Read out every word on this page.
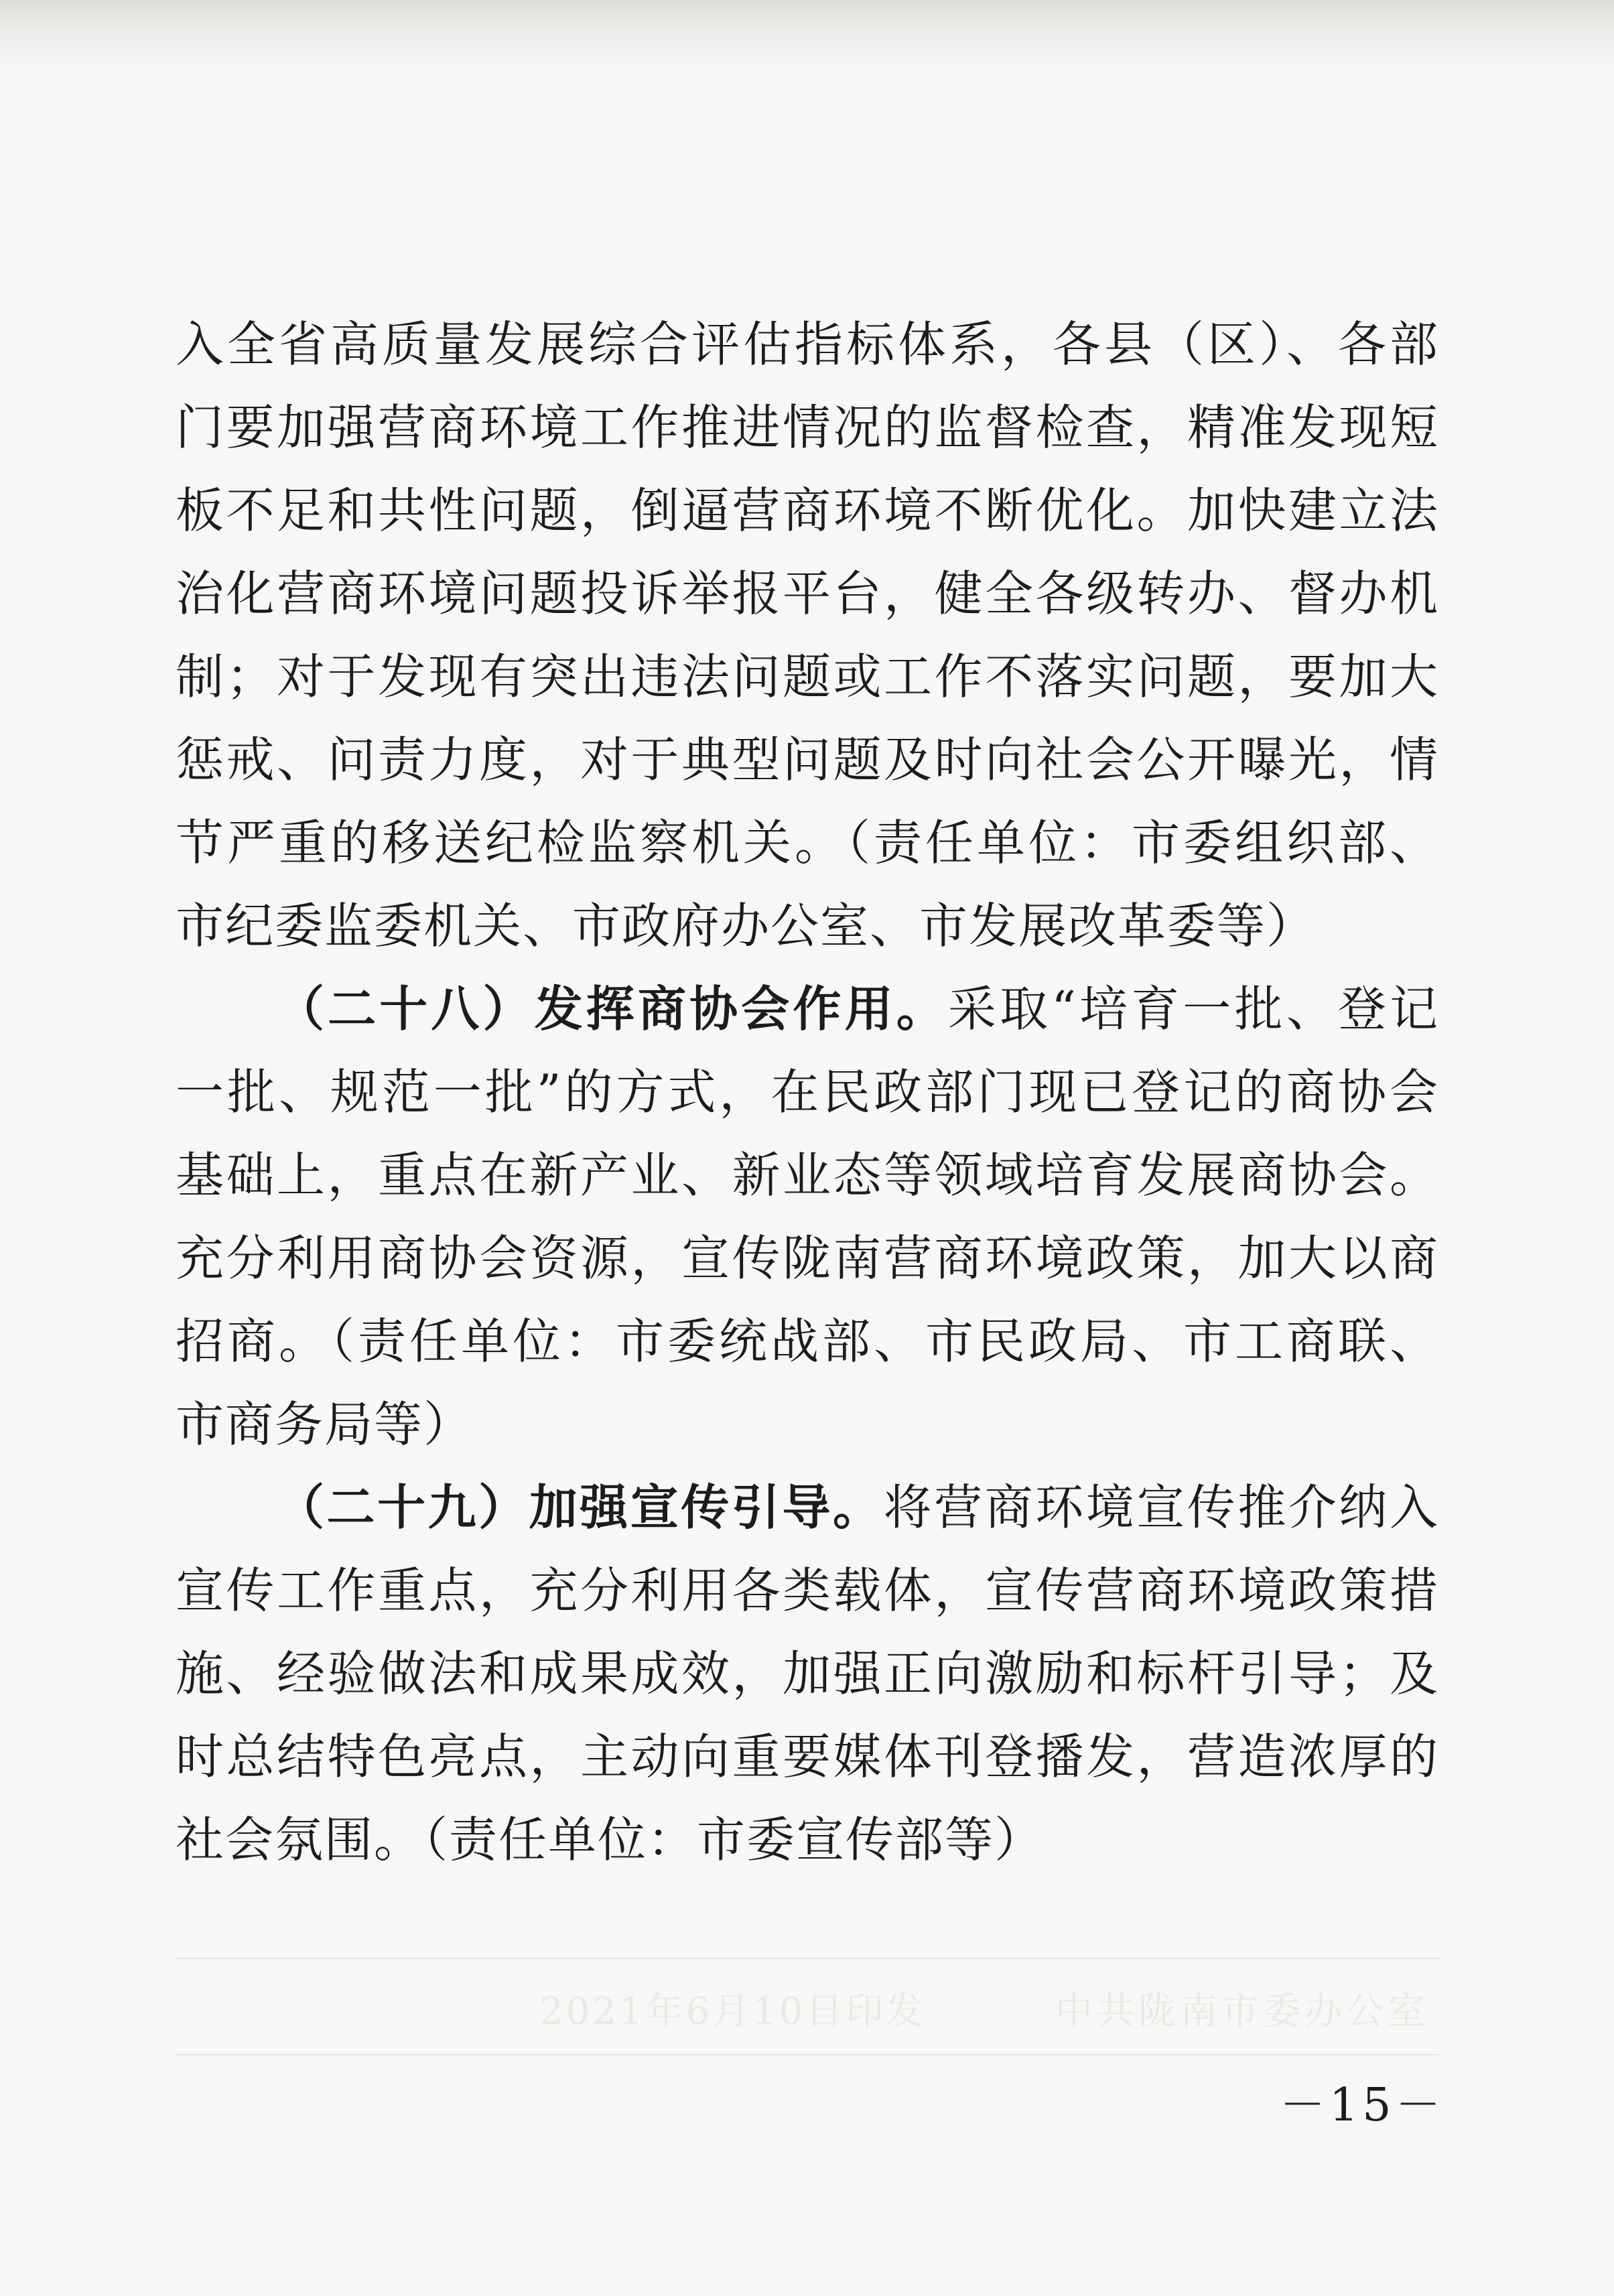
入全省高质量发展综合评估指标体系，各县（区）、各部门要加强营商环境工作推进情况的监督检查，精准发现短板不足和共性问题，倒逼营商环境不断优化。加快建立法治化营商环境问题投诉举报平台，健全各级转办、督办机制；对于发现有突出违法问题或工作不落实问题，要加大惩戒、问责力度，对于典型问题及时向社会公开曝光，情节严重的移送纪检监察机关。（责任单位：市委组织部、市纪委监委机关、市政府办公室、市发展改革委等）

（二十八）发挥商协会作用。采取“培育一批、登记一批、规范一批”的方式，在民政部门现已登记的商协会基础上，重点在新产业、新业态等领域培育发展商协会。充分利用商协会资源，宣传陇南营商环境政策，加大以商招商。（责任单位：市委统战部、市民政局、市工商联、市商务局等）

（二十九）加强宣传引导。将营商环境宣传推介纳入宣传工作重点，充分利用各类载体，宣传营商环境政策措施、经验做法和成果成效，加强正向激励和标杆引导；及时总结特色亮点，主动向重要媒体刊登播发，营造浓厚的社会氛围。（责任单位：市委宣传部等）

2021年6月10日印发	中共陇南市委办公室
－15－
